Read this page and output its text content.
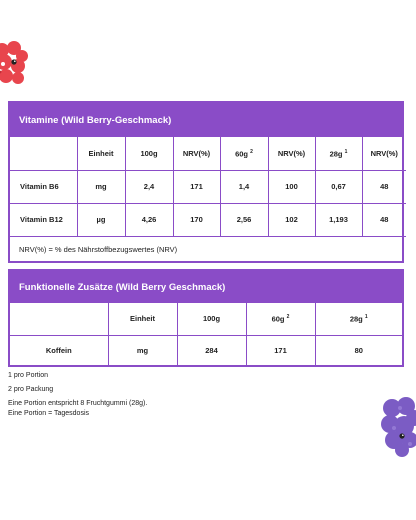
Vitamine (Wild Berry-Geschmack)
	Einheit	100g	NRV(%)	60g $^2$	NRV(%)	28g $^1$	NRV(%)
Vitamin B6	mg	2,4	171	1,4	100	0,67	48
Vitamin B12	µg	4,26	170	2,56	102	1,193	48
NRV(%) = % des Nährstoffbezugswertes (NRV)							
Funktionelle Zusätze (Wild Berry Geschmack)
	Einheit	100g	60g $^2$	28g $^1$
Koffein	mg	284	171	80
1 pro Portion
2 pro Packung
Eine Portion entspricht 8 Fruchtgummi (28g).
Eine Portion = Tagesdosis
